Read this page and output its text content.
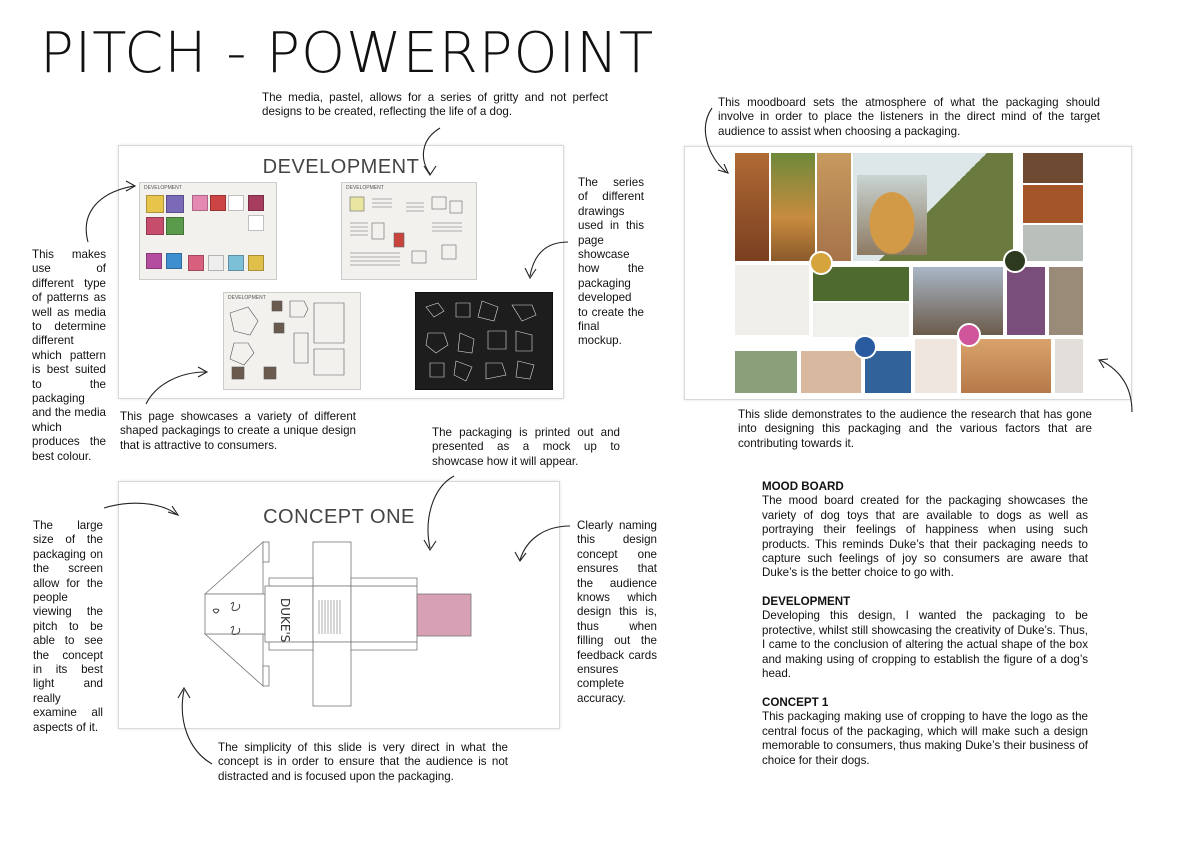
PITCH - POWERPOINT
DEVELOPMENT
DEVELOPMENT	DEVELOPMENT
DEVELOPMENT
The media, pastel, allows for a series of gritty and not perfect designs to be created, reflecting the life of a dog.
This makes use of different type of patterns as well as media to determine different which pattern is best suited to the packaging and the media which produces the best colour.
The series of different drawings used in this page showcase how the packaging developed to create the final mockup.
This page showcases a variety of different shaped packagings to create a unique design that is attractive to consumers.
CONCEPT ONE
DUKE'S
The packaging is printed out and presented as a mock up to showcase how it will appear.
The large size of the packaging on the screen allow for the people viewing the pitch to be able to see the concept in its best light and really examine all aspects of it.
Clearly naming this design concept one ensures that the audience knows which design this is, thus when filling out the feedback cards ensures complete accuracy.
The simplicity of this slide is very direct in what the concept is in order to ensure that the audience is not distracted and is focused upon the packaging.
This moodboard sets the atmosphere of what the packaging should involve in order to place the listeners in the direct mind of the target audience to assist when choosing a packaging.
This slide demonstrates to the audience the research that has gone into designing this packaging and the various factors that are contributing towards it.
MOOD BOARD
The mood board created for the packaging showcases the variety of dog toys that are available to dogs as well as portraying their feelings of happiness when using such products. This reminds Duke’s that their packaging needs to capture such feelings of joy so consumers are aware that Duke’s is the better choice to go with.
DEVELOPMENT
Developing this design, I wanted the packaging to be protective, whilst still showcasing the creativity of Duke’s. Thus, I came to the conclusion of altering the actual shape of the box and making using of cropping to establish the figure of a dog’s head.
CONCEPT 1
This packaging making use of cropping to have the logo as the central focus of the packaging, which will make such a design memorable to consumers, thus making Duke’s their business of choice for their dogs.
